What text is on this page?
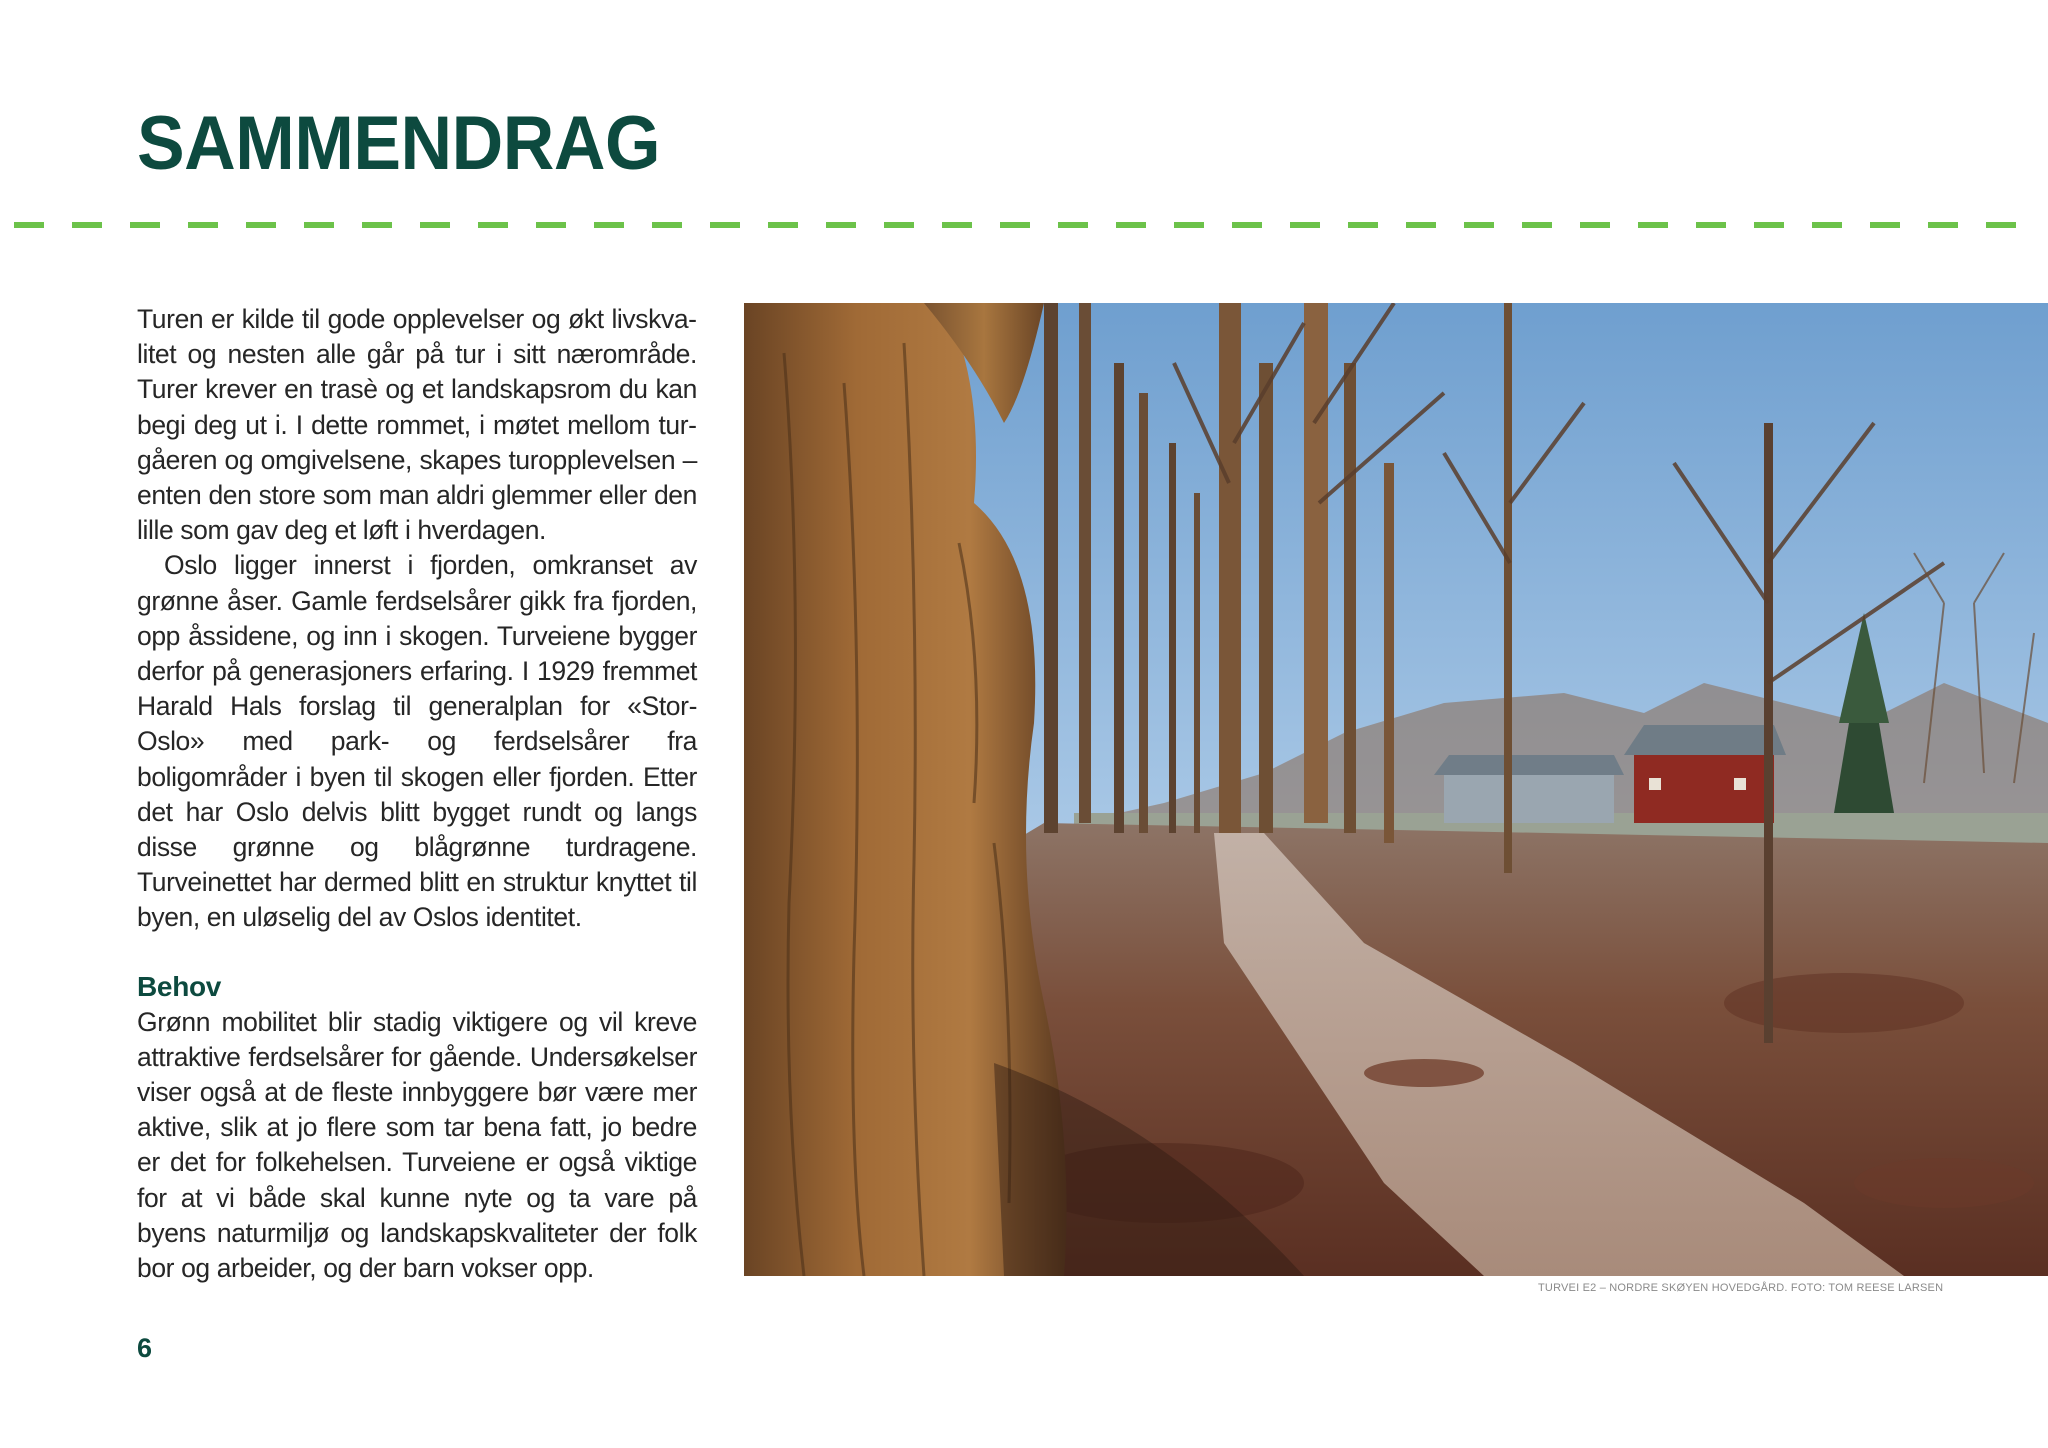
SAMMENDRAG

Turen er kilde til gode opplevelser og økt livskvalitet og nesten alle går på tur i sitt nærområde. Turer krever en trasè og et landskapsrom du kan begi deg ut i. I dette rommet, i møtet mellom turgåeren og omgivelsene, skapes turopplevelsen – enten den store som man aldri glemmer eller den lille som gav deg et løft i hverdagen.

Oslo ligger innerst i fjorden, omkranset av grønne åser. Gamle ferdselsårer gikk fra fjorden, opp åssidene, og inn i skogen. Turveiene bygger derfor på generasjoners erfaring. I 1929 fremmet Harald Hals forslag til generalplan for «Stor-Oslo» med park- og ferdselsårer fra boligområder i byen til skogen eller fjorden. Etter det har Oslo delvis blitt bygget rundt og langs disse grønne og blågrønne turdragene. Turveinettet har dermed blitt en struktur knyttet til byen, en uløselig del av Oslos identitet.

Behov

Grønn mobilitet blir stadig viktigere og vil kreve attraktive ferdselsårer for gående. Undersøkelser viser også at de fleste innbyggere bør være mer aktive, slik at jo flere som tar bena fatt, jo bedre er det for folkehelsen. Turveiene er også viktige for at vi både skal kunne nyte og ta vare på byens naturmiljø og landskapskvaliteter der folk bor og arbeider, og der barn vokser opp.

TURVEI E2 – NORDRE SKØYEN HOVEDGÅRD. FOTO: TOM REESE LARSEN
6
